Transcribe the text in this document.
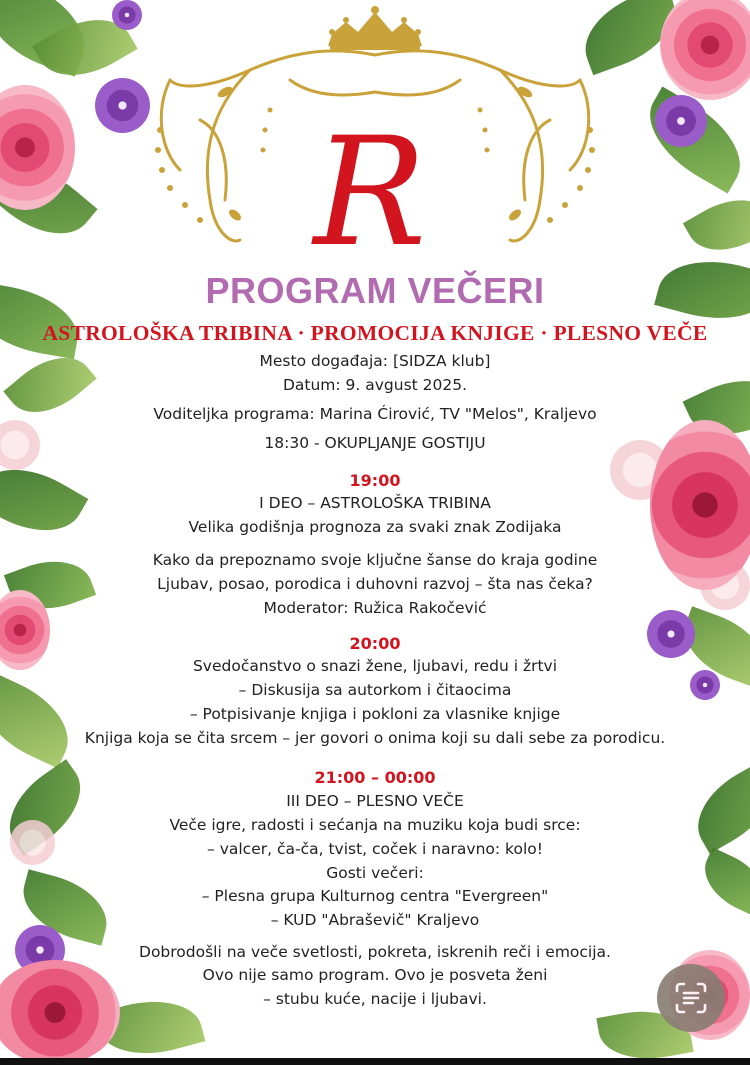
R
PROGRAM VEČERI
ASTROLOŠKA TRIBINA · PROMOCIJA KNJIGE · PLESNO VEČE
Mesto događaja: [SIDZA klub]
Datum: 9. avgust 2025.
Voditeljka programa: Marina Ćirović, TV "Melos", Kraljevo
18:30 - OKUPLJANJE GOSTIJU
19:00
I DEO – ASTROLOŠKA TRIBINA
Velika godišnja prognoza za svaki znak Zodijaka
Kako da prepoznamo svoje ključne šanse do kraja godine
Ljubav, posao, porodica i duhovni razvoj – šta nas čeka?
Moderator: Ružica Rakočević
20:00
Svedočanstvo o snazi žene, ljubavi, redu i žrtvi
– Diskusija sa autorkom i čitaocima
– Potpisivanje knjiga i pokloni za vlasnike knjige
Knjiga koja se čita srcem – jer govori o onima koji su dali sebe za porodicu.
21:00 – 00:00
III DEO – PLESNO VEČE
Veče igre, radosti i sećanja na muziku koja budi srce:
– valcer, ča-ča, tvist, coček i naravno: kolo!
Gosti večeri:
– Plesna grupa Kulturnog centra "Evergreen"
– KUD "Abraševič" Kraljevo
Dobrodošli na veče svetlosti, pokreta, iskrenih reči i emocija.
Ovo nije samo program. Ovo je posveta ženi
– stubu kuće, nacije i ljubavi.
